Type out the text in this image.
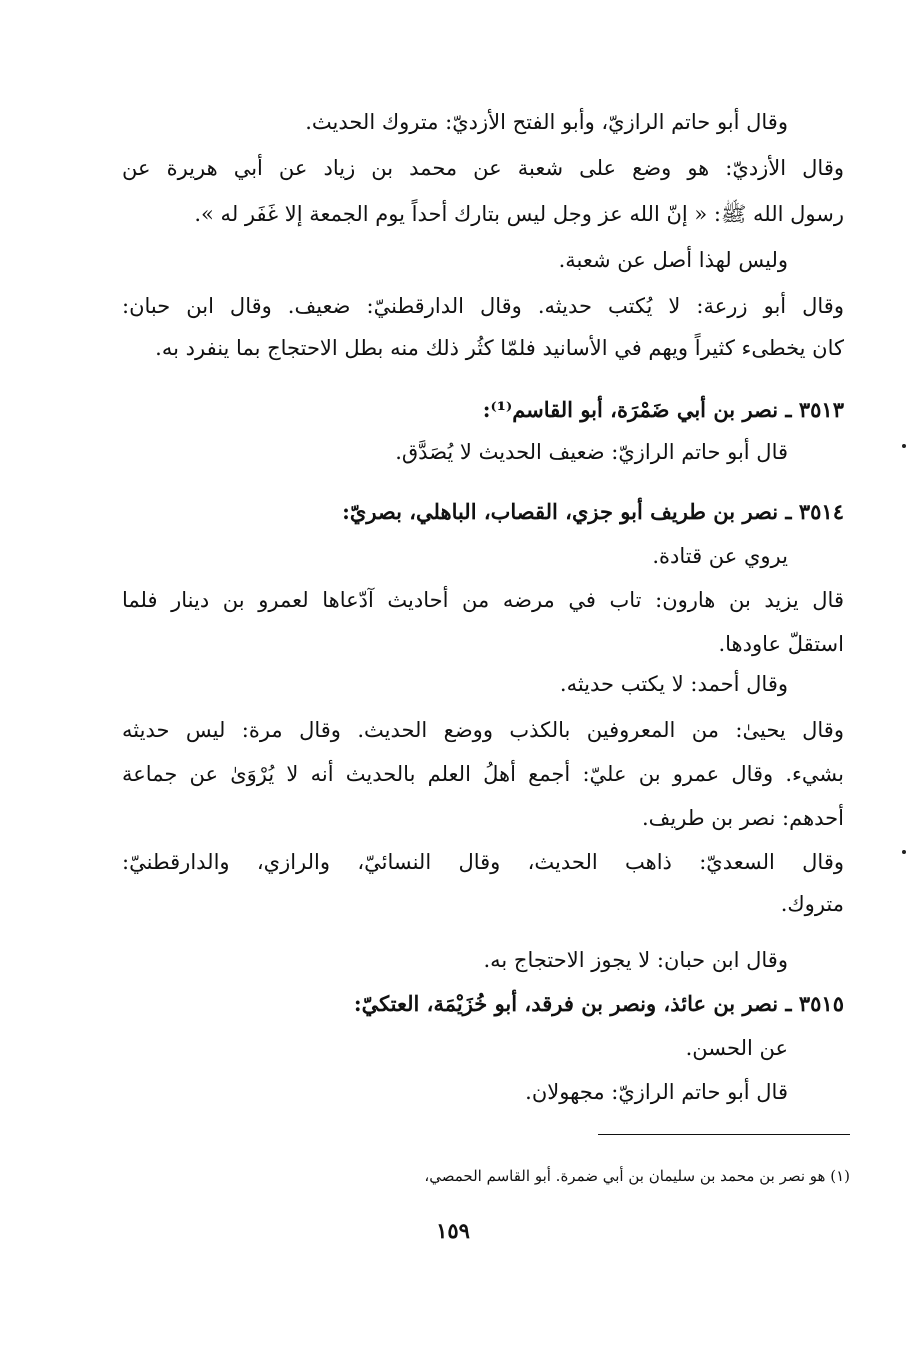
وقال أبو حاتم الرازيّ، وأبو الفتح الأزديّ: متروك الحديث.
وقال الأزديّ: هو وضع على شعبة عن محمد بن زياد عن أبي هريرة عن
رسول الله ﷺ: « إنّ الله عز وجل ليس بتارك أحداً يوم الجمعة إلا غَفَر له ».
وليس لهذا أصل عن شعبة.
وقال أبو زرعة: لا يُكتب حديثه. وقال الدارقطنيّ: ضعيف. وقال ابن حبان:
كان يخطىء كثيراً ويهم في الأسانيد فلمّا كثُر ذلك منه بطل الاحتجاج بما ينفرد به.
٣٥١٣ ـ نصر بن أبي ضَمْرَة، أبو القاسم⁽¹⁾:
قال أبو حاتم الرازيّ: ضعيف الحديث لا يُصَدَّق.
٣٥١٤ ـ نصر بن طريف أبو جزي، القصاب، الباهلي، بصريّ:
يروي عن قتادة.
قال يزيد بن هارون: تاب في مرضه من أحاديث آدّعاها لعمرو بن دينار فلما
استقلّ عاودها.
وقال أحمد: لا يكتب حديثه.
وقال يحيىٰ: من المعروفين بالكذب ووضع الحديث. وقال مرة: ليس حديثه
بشيء. وقال عمرو بن عليّ: أجمع أهلُ العلم بالحديث أنه لا يُرْوَىٰ عن جماعة
أحدهم: نصر بن طريف.
وقال السعديّ: ذاهب الحديث، وقال النسائيّ، والرازي، والدارقطنيّ:
متروك.
وقال ابن حبان: لا يجوز الاحتجاج به.
٣٥١٥ ـ نصر بن عائذ، ونصر بن فرقد، أبو خُزَيْمَة، العتكيّ:
عن الحسن.
قال أبو حاتم الرازيّ: مجهولان.
(١) هو نصر بن محمد بن سليمان بن أبي ضمرة. أبو القاسم الحمصي،
١٥٩
